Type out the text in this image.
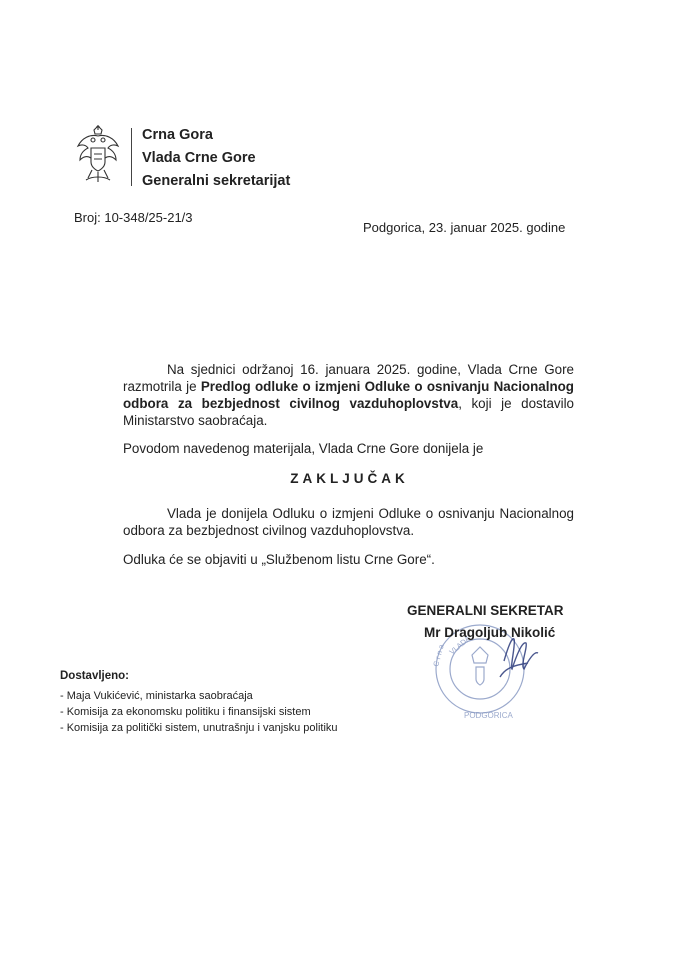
Crna Gora
Vlada Crne Gore
Generalni sekretarijat
Broj: 10-348/25-21/3
Podgorica, 23. januar 2025. godine
Na sjednici održanoj 16. januara 2025. godine, Vlada Crne Gore razmotrila je Predlog odluke o izmjeni Odluke o osnivanju Nacionalnog odbora za bezbjednost civilnog vazduhoplovstva, koji je dostavilo Ministarstvo saobraćaja.
Povodom navedenog materijala, Vlada Crne Gore donijela je
ZAKLJUČAK
Vlada je donijela Odluku o izmjeni Odluke o osnivanju Nacionalnog odbora za bezbjednost civilnog vazduhoplovstva.
Odluka će se objaviti u „Službenom listu Crne Gore“.
C r n a VLADA
PODGORICA
GENERALNI SEKRETAR
Mr Dragoljub Nikolić
Dostavljeno:
- Maja Vukićević, ministarka saobraćaja
- Komisija za ekonomsku politiku i finansijski sistem
- Komisija za politički sistem, unutrašnju i vanjsku politiku
